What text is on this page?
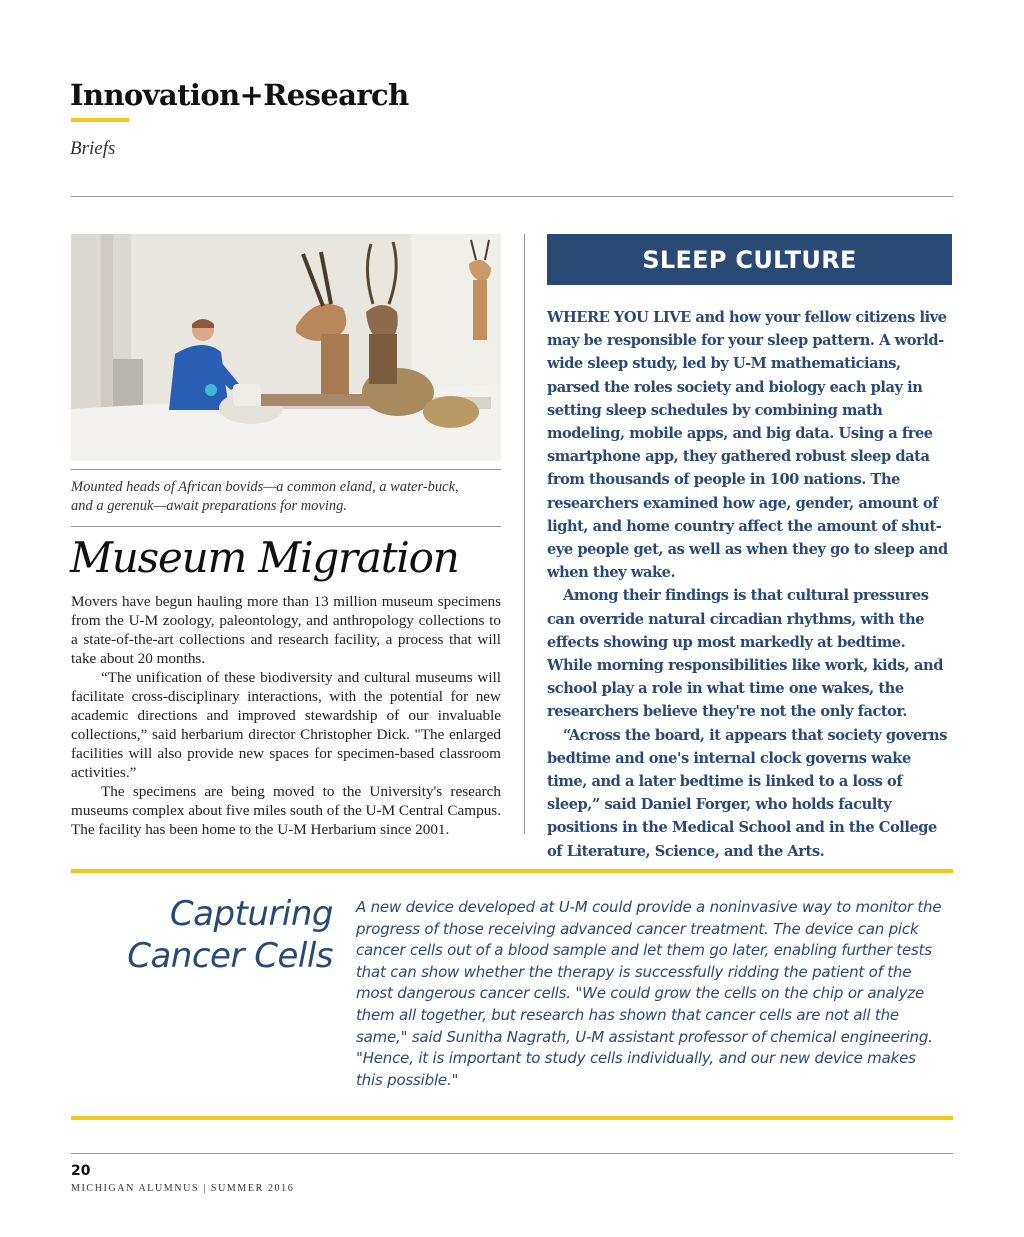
Innovation+Research
Briefs
Mounted heads of African bovids—a common eland, a water-buck, and a gerenuk—await preparations for moving.
Museum Migration

Movers have begun hauling more than 13 million museum specimens from the U-M zoology, paleontology, and anthropology collections to a state-of-the-art collections and research facility, a process that will take about 20 months.

“The unification of these biodiversity and cultural museums will facilitate cross-disciplinary interactions, with the potential for new academic directions and improved stewardship of our invaluable collections,” said herbarium director Christopher Dick. "The enlarged facilities will also provide new spaces for specimen-based classroom activities.”

The specimens are being moved to the University's research museums complex about five miles south of the U-M Central Campus. The facility has been home to the U-M Herbarium since 2001.

SLEEP CULTURE

WHERE YOU LIVE and how your fellow citizens live may be responsible for your sleep pattern. A world-wide sleep study, led by U-M mathematicians, parsed the roles society and biology each play in setting sleep schedules by combining math modeling, mobile apps, and big data. Using a free smartphone app, they gathered robust sleep data from thousands of people in 100 nations. The researchers examined how age, gender, amount of light, and home country affect the amount of shut-eye people get, as well as when they go to sleep and when they wake.

Among their findings is that cultural pressures can override natural circadian rhythms, with the effects showing up most markedly at bedtime. While morning responsibilities like work, kids, and school play a role in what time one wakes, the researchers believe they're not the only factor.

“Across the board, it appears that society governs bedtime and one's internal clock governs wake time, and a later bedtime is linked to a loss of sleep,” said Daniel Forger, who holds faculty positions in the Medical School and in the College of Literature, Science, and the Arts.

Capturing
Cancer Cells
A new device developed at U-M could provide a noninvasive way to monitor the progress of those receiving advanced cancer treatment. The device can pick cancer cells out of a blood sample and let them go later, enabling further tests that can show whether the therapy is successfully ridding the patient of the most dangerous cancer cells. "We could grow the cells on the chip or analyze them all together, but research has shown that cancer cells are not all the same," said Sunitha Nagrath, U-M assistant professor of chemical engineering. "Hence, it is important to study cells individually, and our new device makes this possible."
20
MICHIGAN ALUMNUS | SUMMER 2016
